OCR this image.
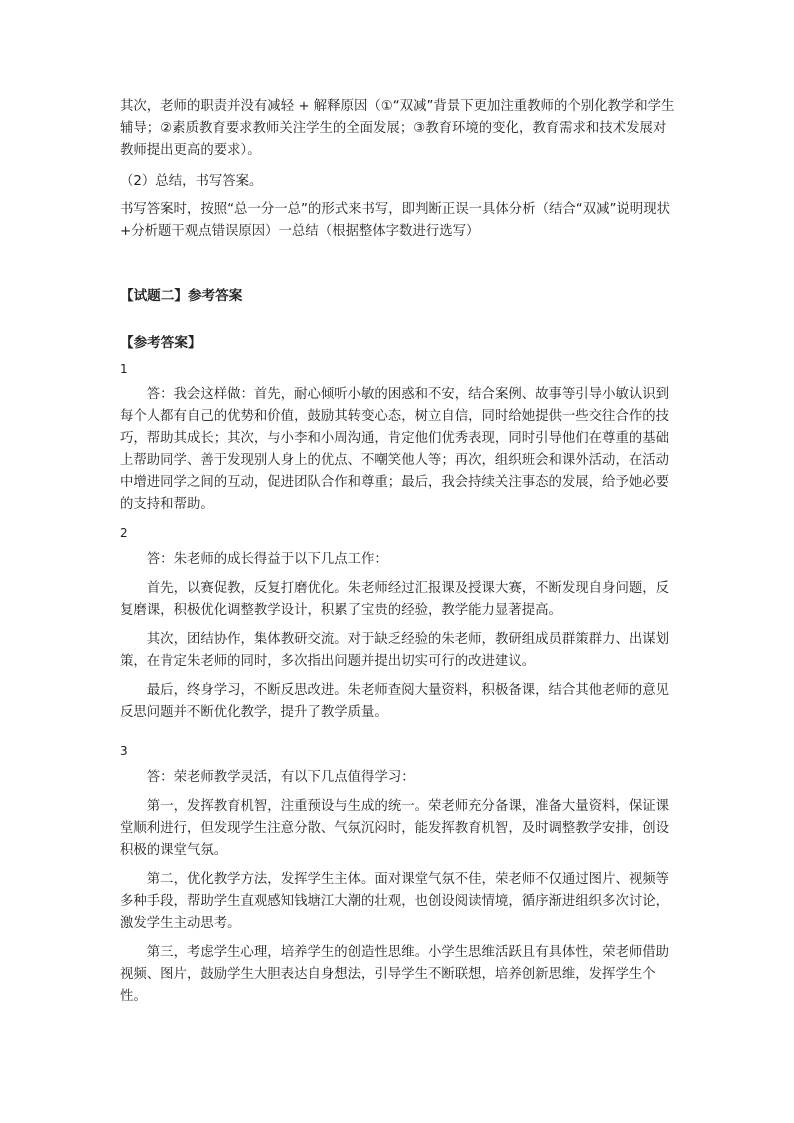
其次，老师的职责并没有减轻 + 解释原因（①“双减”背景下更加注重教师的个别化教学和学生辅导；②素质教育要求教师关注学生的全面发展；③教育环境的变化，教育需求和技术发展对教师提出更高的要求）。

（2）总结，书写答案。

书写答案时，按照“总一分一总”的形式来书写，即判断正误一具体分析（结合“双减”说明现状+分析题干观点错误原因）一总结（根据整体字数进行选写）

【试题二】参考答案

【参考答案】

1

答：我会这样做：首先，耐心倾听小敏的困惑和不安，结合案例、故事等引导小敏认识到每个人都有自己的优势和价值，鼓励其转变心态，树立自信，同时给她提供一些交往合作的技巧，帮助其成长；其次，与小李和小周沟通，肯定他们优秀表现，同时引导他们在尊重的基础上帮助同学、善于发现别人身上的优点、不嘲笑他人等；再次，组织班会和课外活动，在活动中增进同学之间的互动，促进团队合作和尊重；最后，我会持续关注事态的发展，给予她必要的支持和帮助。

2

答：朱老师的成长得益于以下几点工作：

首先，以赛促教，反复打磨优化。朱老师经过汇报课及授课大赛，不断发现自身问题，反复磨课，积极优化调整教学设计，积累了宝贵的经验，教学能力显著提高。

其次，团结协作，集体教研交流。对于缺乏经验的朱老师，教研组成员群策群力、出谋划策，在肯定朱老师的同时，多次指出问题并提出切实可行的改进建议。

最后，终身学习，不断反思改进。朱老师查阅大量资料，积极备课，结合其他老师的意见反思问题并不断优化教学，提升了教学质量。

3

答：荣老师教学灵活，有以下几点值得学习：

第一，发挥教育机智，注重预设与生成的统一。荣老师充分备课，准备大量资料，保证课堂顺利进行，但发现学生注意分散、气氛沉闷时，能发挥教育机智，及时调整教学安排，创设积极的课堂气氛。

第二，优化教学方法，发挥学生主体。面对课堂气氛不佳，荣老师不仅通过图片、视频等多种手段，帮助学生直观感知钱塘江大潮的壮观，也创设阅读情境，循序渐进组织多次讨论，激发学生主动思考。

第三，考虑学生心理，培养学生的创造性思维。小学生思维活跃且有具体性，荣老师借助视频、图片，鼓励学生大胆表达自身想法，引导学生不断联想，培养创新思维，发挥学生个性。
